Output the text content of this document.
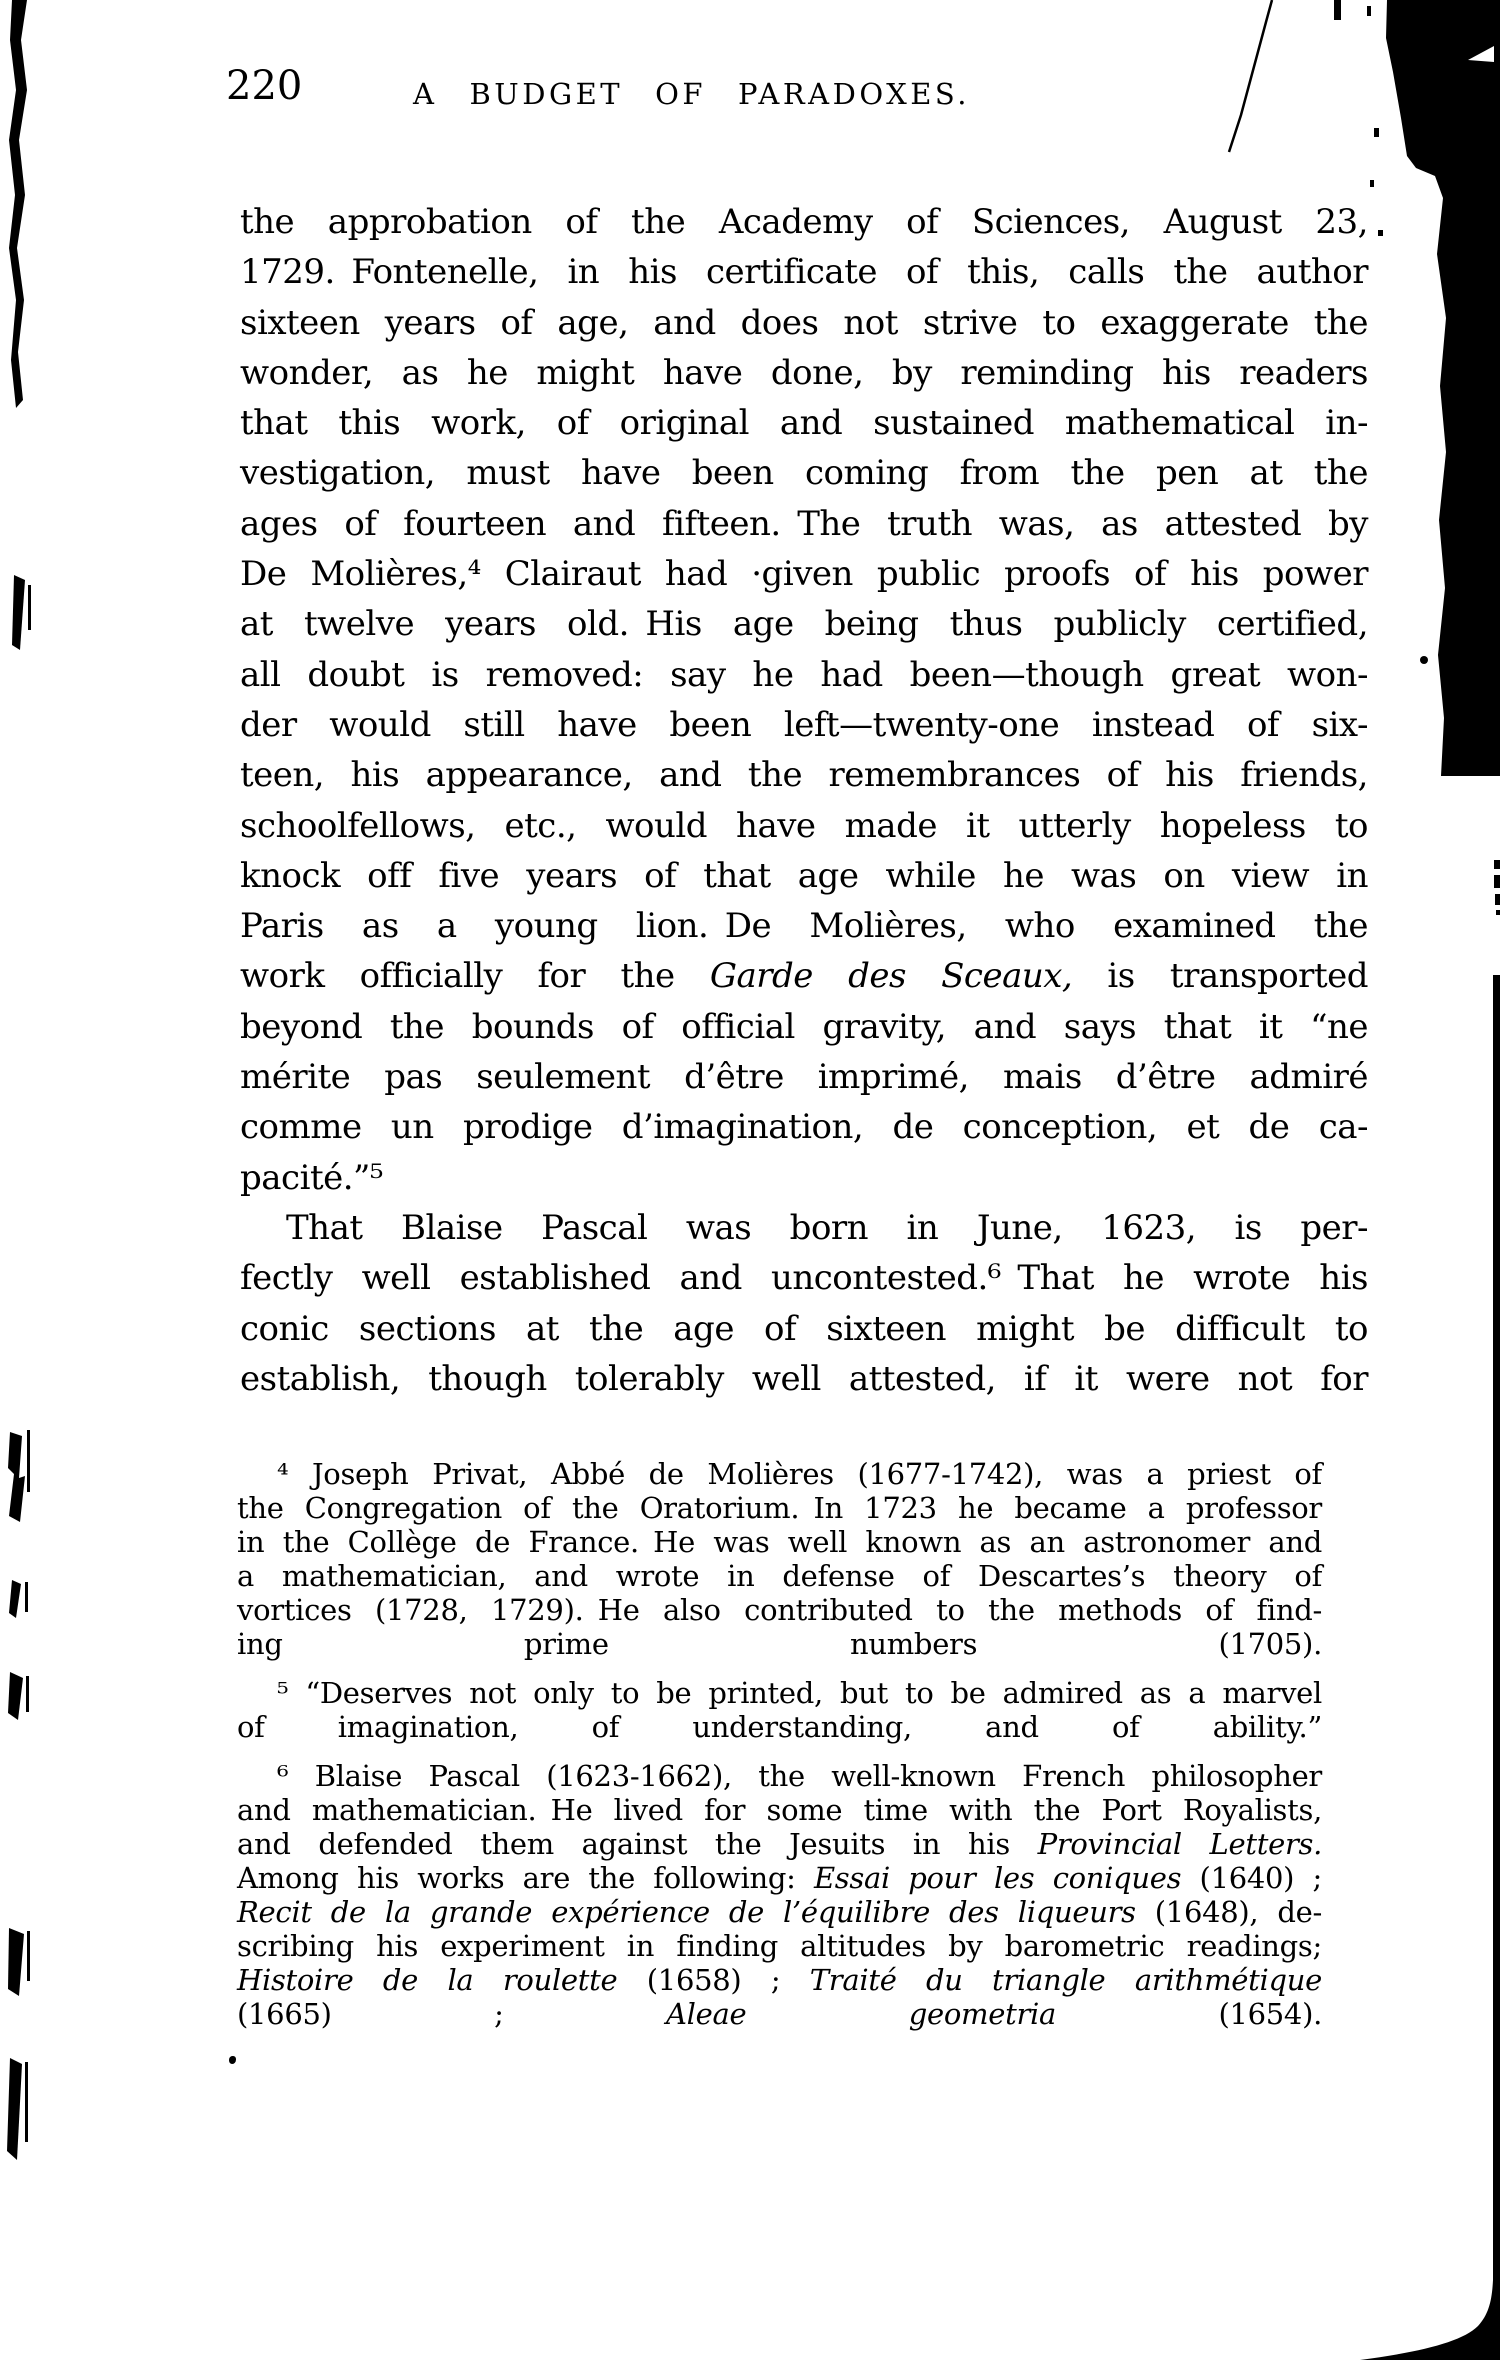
220	A BUDGET OF PARADOXES.
the approbation of the Academy of Sciences, August 23,
1729. Fontenelle, in his certificate of this, calls the author
sixteen years of age, and does not strive to exaggerate the
wonder, as he might have done, by reminding his readers
that this work, of original and sustained mathematical in-
vestigation, must have been coming from the pen at the
ages of fourteen and fifteen. The truth was, as attested by
De Molières,⁴ Clairaut had ·given public proofs of his power
at twelve years old. His age being thus publicly certified,
all doubt is removed: say he had been—though great won-
der would still have been left—twenty-one instead of six-
teen, his appearance, and the remembrances of his friends,
schoolfellows, etc., would have made it utterly hopeless to
knock off five years of that age while he was on view in
Paris as a young lion. De Molières, who examined the
work officially for the Garde des Sceaux, is transported
beyond the bounds of official gravity, and says that it “ne
mérite pas seulement d’être imprimé, mais d’être admiré
comme un prodige d’imagination, de conception, et de ca-
pacité.”⁵
That Blaise Pascal was born in June, 1623, is per-
fectly well established and uncontested.⁶ That he wrote his
conic sections at the age of sixteen might be difficult to
establish, though tolerably well attested, if it were not for
⁴ Joseph Privat, Abbé de Molières (1677-1742), was a priest of
the Congregation of the Oratorium. In 1723 he became a professor
in the Collège de France. He was well known as an astronomer and
a mathematician, and wrote in defense of Descartes’s theory of
vortices (1728, 1729). He also contributed to the methods of find-
ing prime numbers (1705).
⁵ “Deserves not only to be printed, but to be admired as a marvel
of imagination, of understanding, and of ability.”
⁶ Blaise Pascal (1623-1662), the well-known French philosopher
and mathematician. He lived for some time with the Port Royalists,
and defended them against the Jesuits in his Provincial Letters.
Among his works are the following: Essai pour les coniques (1640) ;
Recit de la grande expérience de l’équilibre des liqueurs (1648), de-
scribing his experiment in finding altitudes by barometric readings;
Histoire de la roulette (1658) ; Traité du triangle arithmétique
(1665) ; Aleae geometria (1654).
